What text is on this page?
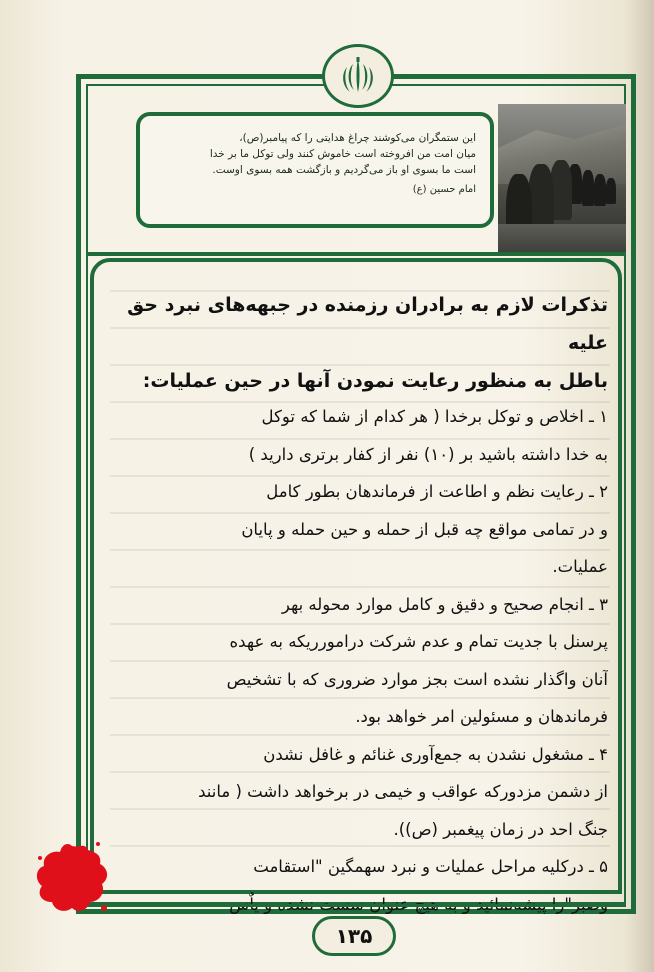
این ستمگران می‌کوشند چراغ هدایتی را که پیامبر(ص)،
میان امت من افروخته است خاموش کنند ولی توکل ما بر خدا
است ما بسوی او باز می‌گردیم و بازگشت همه بسوی اوست.
امام حسین (ع)
تذکرات لازم به برادران رزمنده در جبهه‌های نبرد حق علیه
باطل به منظور رعایت نمودن آنها در حین عملیات:
۱ ـ اخلاص و توکل برخدا ( هر کدام از شما که توکل
به خدا داشته باشید بر (۱۰) نفر از کفار برتری دارید )
۲ ـ رعایت نظم و اطاعت از فرماندهان بطور کامل
و در تمامی مواقع چه قبل از حمله و حین حمله و پایان
عملیات.
۳ ـ انجام صحیح و دقیق و کامل موارد محوله بهر
پرسنل با جدیت تمام و عدم شرکت درامورریکه به عهده
آنان واگذار نشده است بجز موارد ضروری که با تشخیص
فرماندهان و مسئولین امر خواهد بود.
۴ ـ مشغول نشدن به جمع‌آوری غنائم و غافل نشدن
از دشمن مزدورکه عواقب و خیمی در برخواهد داشت ( مانند
جنگ احد در زمان پیغمبر (ص)).
۵ ـ درکلیه مراحل عملیات و نبرد سهمگین "استقامت
۱۳۵
